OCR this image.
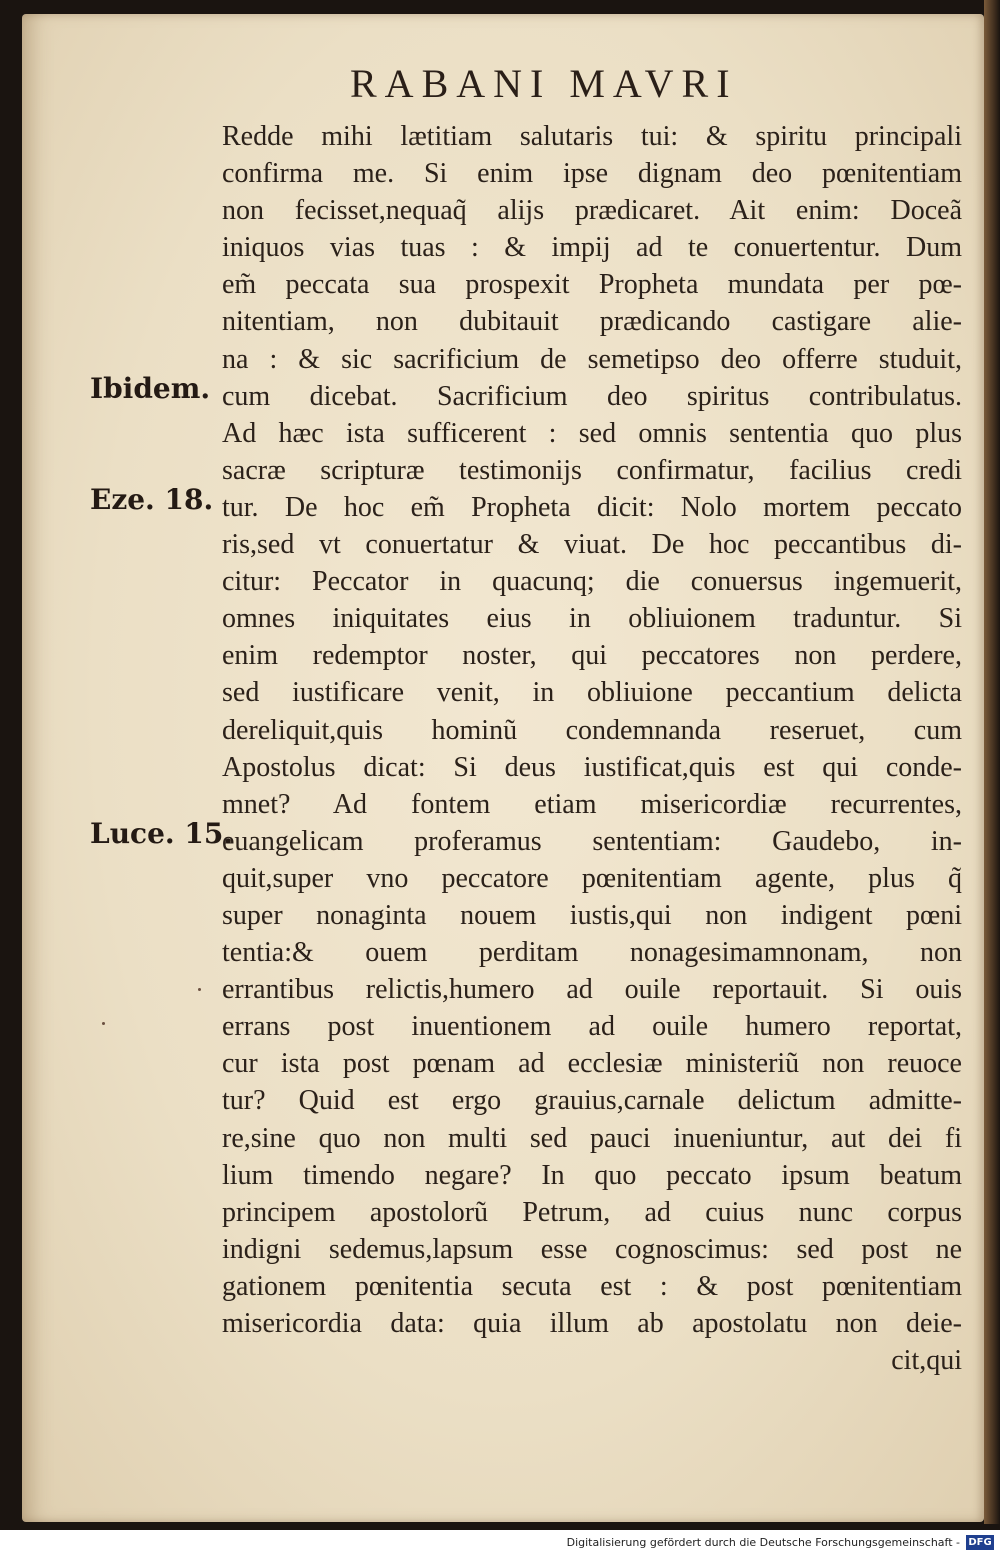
RABANI MAVRI
Redde mihi lætitiam salutaris tui: & spiritu principali
confirma me. Si enim ipse dignam deo pœnitentiam
non fecisset,nequaq̃ alijs prædicaret. Ait enim: Doceã
iniquos vias tuas : & impij ad te conuertentur. Dum
em̃ peccata sua prospexit Propheta mundata per pœ-
nitentiam, non dubitauit prædicando castigare alie-
na : & sic sacrificium de semetipso deo offerre studuit,
cum dicebat. Sacrificium deo spiritus contribulatus.
Ad hæc ista sufficerent : sed omnis sententia quo plus
sacræ scripturæ testimonijs confirmatur, facilius credi
tur. De hoc em̃ Propheta dicit: Nolo mortem peccato
ris,sed vt conuertatur & viuat. De hoc peccantibus di-
citur: Peccator in quacunq; die conuersus ingemuerit,
omnes iniquitates eius in obliuionem traduntur. Si
enim redemptor noster, qui peccatores non perdere,
sed iustificare venit, in obliuione peccantium delicta
dereliquit,quis hominũ condemnanda reseruet, cum
Apostolus dicat: Si deus iustificat,quis est qui conde-
mnet? Ad fontem etiam misericordiæ recurrentes,
euangelicam proferamus sententiam: Gaudebo, in-
quit,super vno peccatore pœnitentiam agente, plus q̃
super nonaginta nouem iustis,qui non indigent pœni
tentia:& ouem perditam nonagesimamnonam, non
errantibus relictis,humero ad ouile reportauit. Si ouis
errans post inuentionem ad ouile humero reportat,
cur ista post pœnam ad ecclesiæ ministeriũ non reuoce
tur? Quid est ergo grauius,carnale delictum admitte-
re,sine quo non multi sed pauci inueniuntur, aut dei fi
lium timendo negare? In quo peccato ipsum beatum
principem apostolorũ Petrum, ad cuius nunc corpus
indigni sedemus,lapsum esse cognoscimus: sed post ne
gationem pœnitentia secuta est : & post pœnitentiam
misericordia data: quia illum ab apostolatu non deie-
cit,qui
Ibidem.
Eze. 18.
Luce. 15.
Digitalisierung gefördert durch die Deutsche Forschungsgemeinschaft - DFG
